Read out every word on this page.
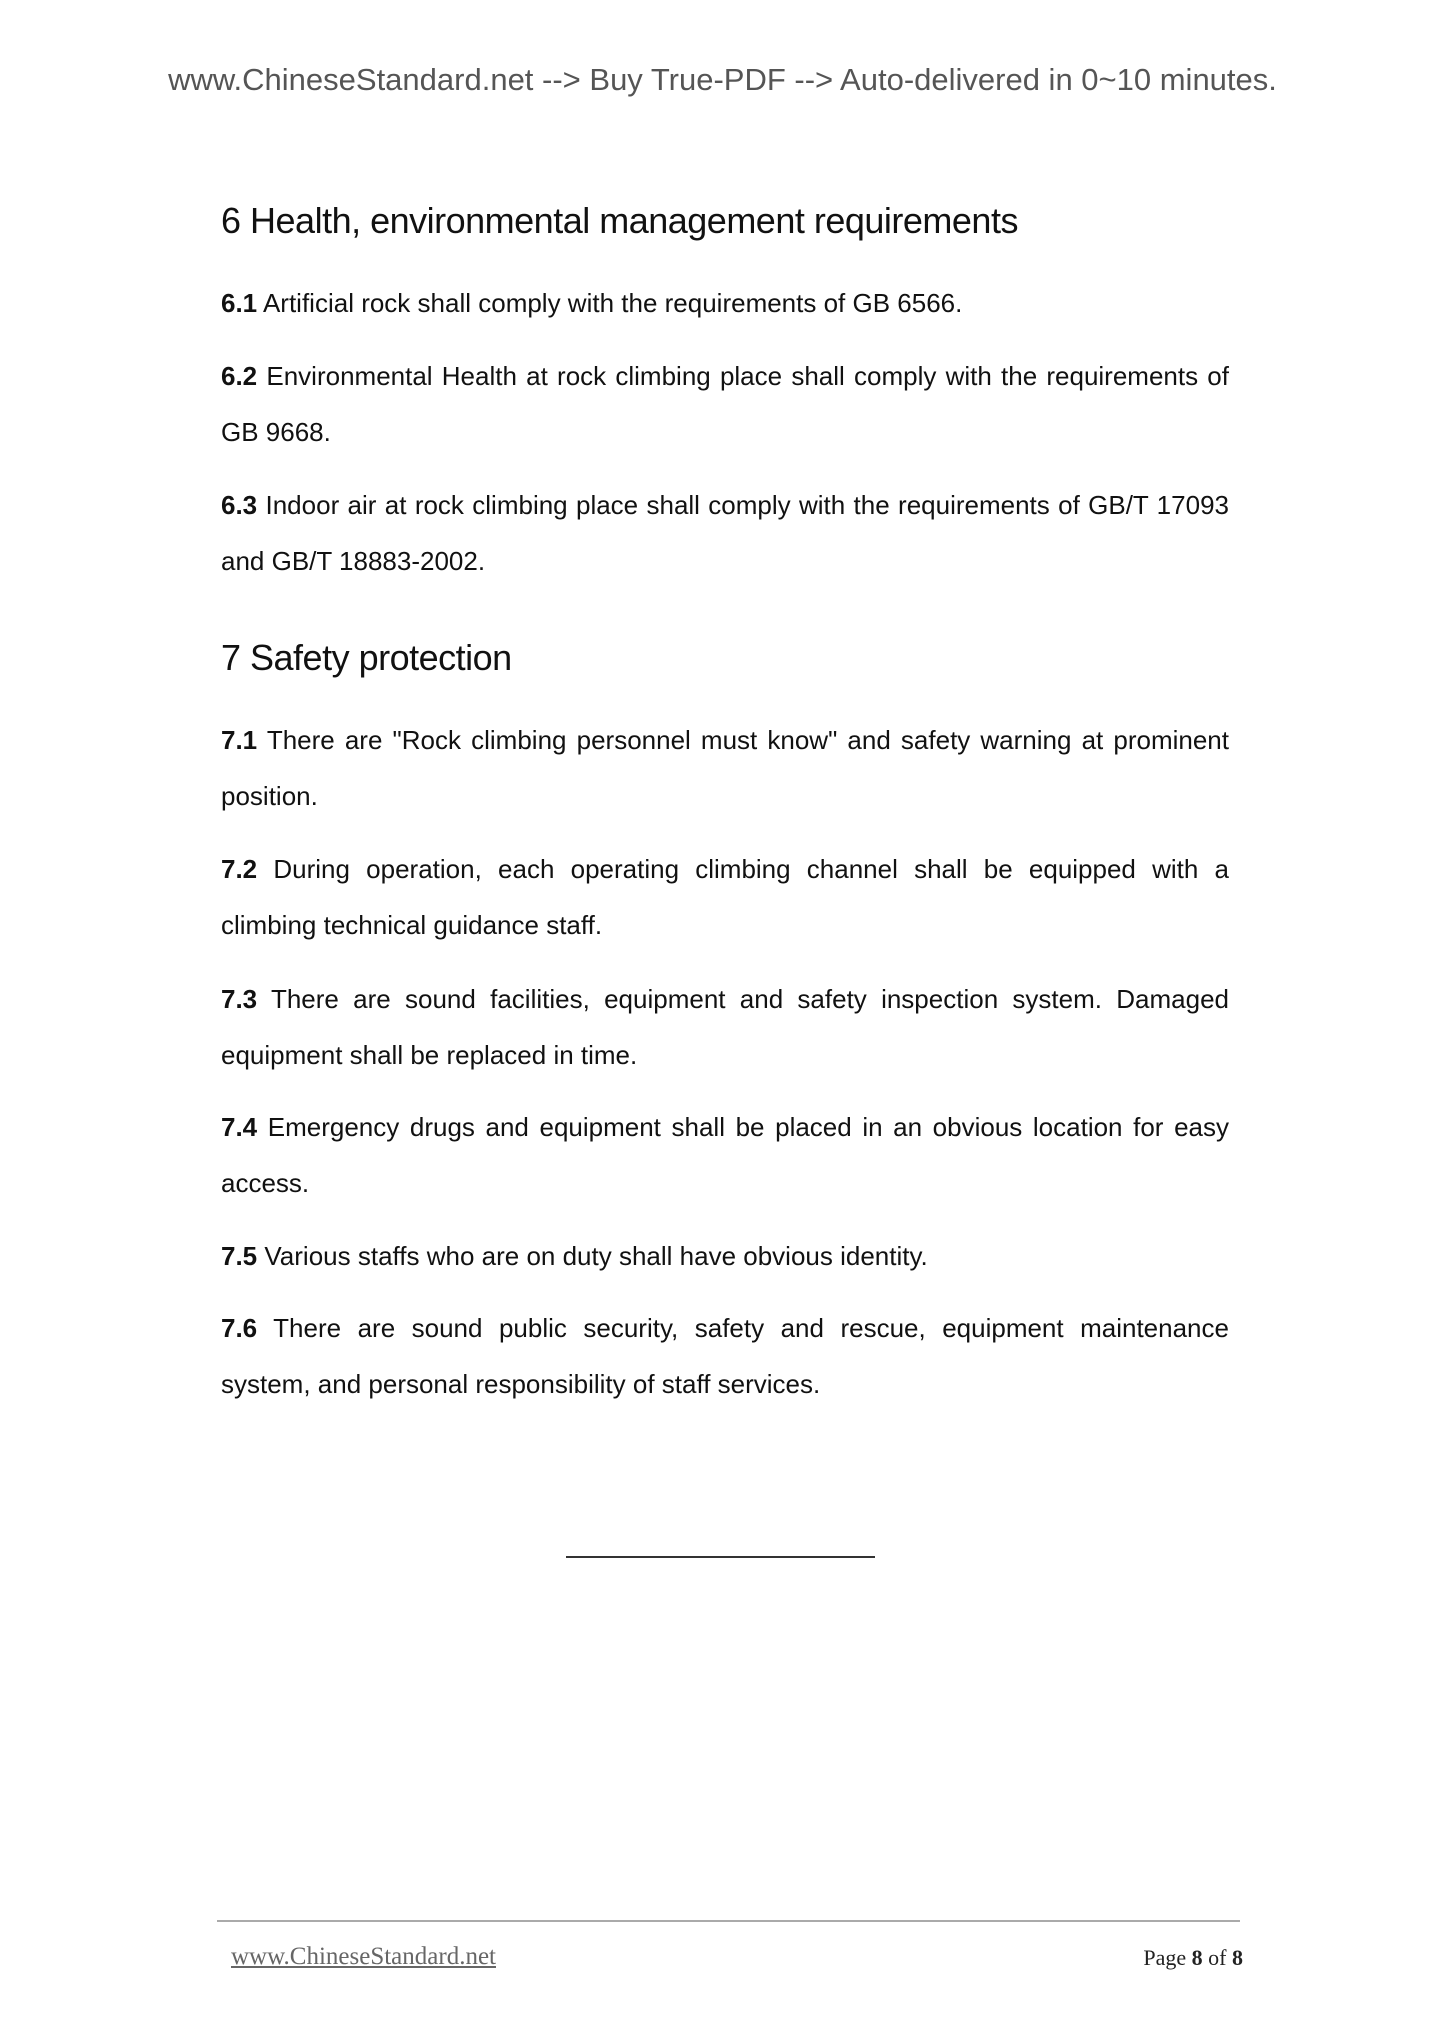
www.ChineseStandard.net --> Buy True-PDF --> Auto-delivered in 0~10 minutes.
6 Health, environmental management requirements

6.1 Artificial rock shall comply with the requirements of GB 6566.

6.2 Environmental Health at rock climbing place shall comply with the requirements of GB 9668.

6.3 Indoor air at rock climbing place shall comply with the requirements of GB/T 17093 and GB/T 18883-2002.

7 Safety protection

7.1 There are "Rock climbing personnel must know" and safety warning at prominent position.

7.2 During operation, each operating climbing channel shall be equipped with a climbing technical guidance staff.

7.3 There are sound facilities, equipment and safety inspection system. Damaged equipment shall be replaced in time.

7.4 Emergency drugs and equipment shall be placed in an obvious location for easy access.

7.5 Various staffs who are on duty shall have obvious identity.

7.6 There are sound public security, safety and rescue, equipment maintenance system, and personal responsibility of staff services.

www.ChineseStandard.net	Page 8 of 8
